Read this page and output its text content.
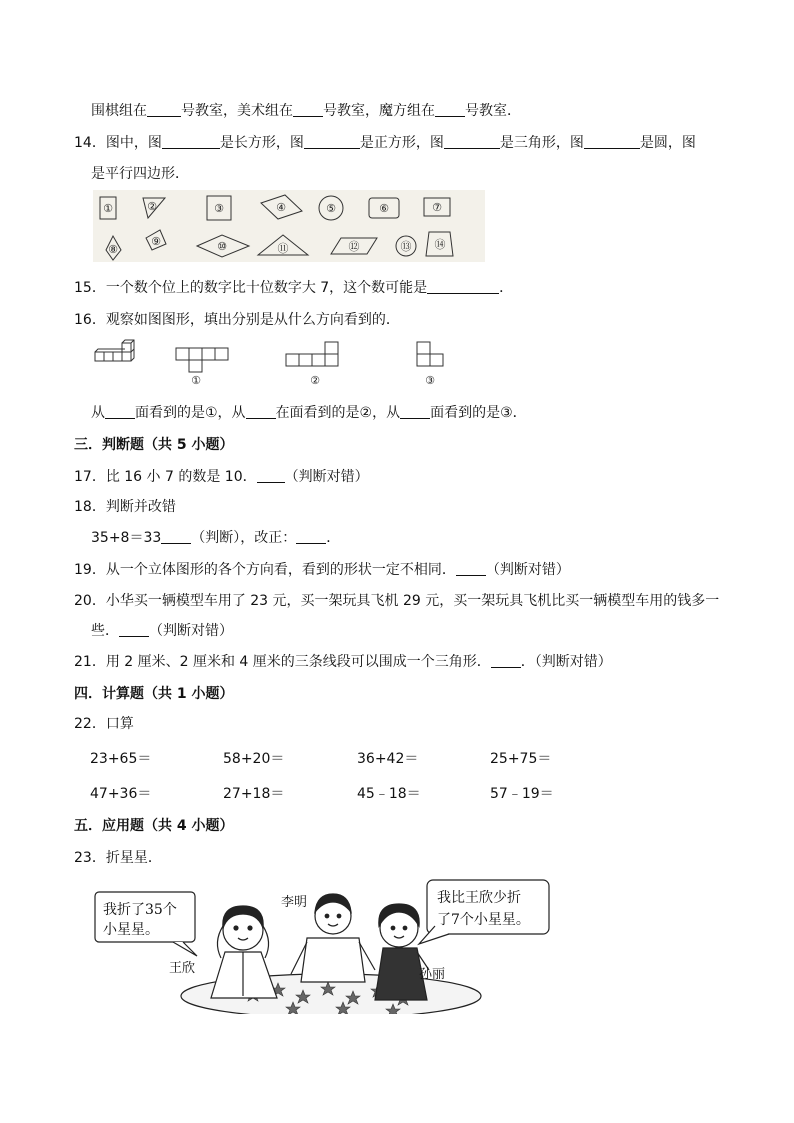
围棋组在 号教室，美术组在 号教室，魔方组在 号教室．
14．图中，图	是长方形，图	是正方形，图	是三角形，图	是圆，图
是平行四边形．
①	②	③	④	⑤	⑥	⑦
⑧
⑨	⑩	⑪	⑫	⑬ ⑭
15．一个数个位上的数字比十位数字大 7，这个数可能是	．
16．观察如图图形，填出分别是从什么方向看到的．
①	②	③
从 面看到的是①，从 在面看到的是②，从 面看到的是③．
三．判断题（共 5 小题）
17．比 16 小 7 的数是 10． （判断对错）
18．判断并改错
35+8＝33 （判断），改正： ．
19．从一个立体图形的各个方向看，看到的形状一定不相同． （判断对错）
20．小华买一辆模型车用了 23 元，买一架玩具飞机 29 元，买一架玩具飞机比买一辆模型车用的钱多一
些． （判断对错）
21．用 2 厘米、2 厘米和 4 厘米的三条线段可以围成一个三角形． ．（判断对错）
四．计算题（共 1 小题）
22．口算
23+65＝	58+20＝	36+42＝	25+75＝
47+36＝	27+18＝	45﹣18＝	57﹣19＝
五．应用题（共 4 小题）
23．折星星．
我折了35个
小星星。
我比王欣少折
了7个小星星。
王欣
李明
孙丽
